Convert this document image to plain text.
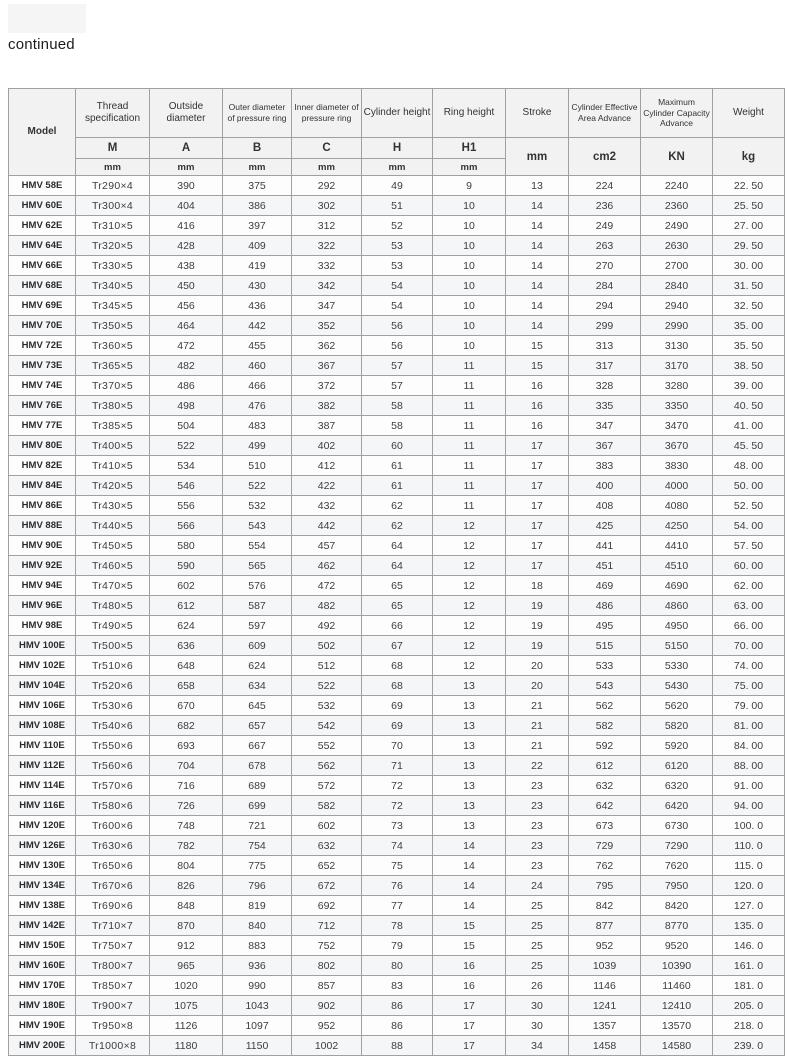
continued
Model	Thread specification	Outside diameter	Outer diameter of pressure ring	Inner diameter of pressure ring	Cylinder height	Ring height	Stroke	Cylinder Effective Area Advance	Maximum Cylinder Capacity Advance	Weight
	M	A	B	C	H	H1	mm	cm2	KN	kg
	mm	mm	mm	mm	mm	mm				
HMV 58E	Tr290×4	390	375	292	49	9	13	224	2240	22. 50
HMV 60E	Tr300×4	404	386	302	51	10	14	236	2360	25. 50
HMV 62E	Tr310×5	416	397	312	52	10	14	249	2490	27. 00
HMV 64E	Tr320×5	428	409	322	53	10	14	263	2630	29. 50
HMV 66E	Tr330×5	438	419	332	53	10	14	270	2700	30. 00
HMV 68E	Tr340×5	450	430	342	54	10	14	284	2840	31. 50
HMV 69E	Tr345×5	456	436	347	54	10	14	294	2940	32. 50
HMV 70E	Tr350×5	464	442	352	56	10	14	299	2990	35. 00
HMV 72E	Tr360×5	472	455	362	56	10	15	313	3130	35. 50
HMV 73E	Tr365×5	482	460	367	57	11	15	317	3170	38. 50
HMV 74E	Tr370×5	486	466	372	57	11	16	328	3280	39. 00
HMV 76E	Tr380×5	498	476	382	58	11	16	335	3350	40. 50
HMV 77E	Tr385×5	504	483	387	58	11	16	347	3470	41. 00
HMV 80E	Tr400×5	522	499	402	60	11	17	367	3670	45. 50
HMV 82E	Tr410×5	534	510	412	61	11	17	383	3830	48. 00
HMV 84E	Tr420×5	546	522	422	61	11	17	400	4000	50. 00
HMV 86E	Tr430×5	556	532	432	62	11	17	408	4080	52. 50
HMV 88E	Tr440×5	566	543	442	62	12	17	425	4250	54. 00
HMV 90E	Tr450×5	580	554	457	64	12	17	441	4410	57. 50
HMV 92E	Tr460×5	590	565	462	64	12	17	451	4510	60. 00
HMV 94E	Tr470×5	602	576	472	65	12	18	469	4690	62. 00
HMV 96E	Tr480×5	612	587	482	65	12	19	486	4860	63. 00
HMV 98E	Tr490×5	624	597	492	66	12	19	495	4950	66. 00
HMV 100E	Tr500×5	636	609	502	67	12	19	515	5150	70. 00
HMV 102E	Tr510×6	648	624	512	68	12	20	533	5330	74. 00
HMV 104E	Tr520×6	658	634	522	68	13	20	543	5430	75. 00
HMV 106E	Tr530×6	670	645	532	69	13	21	562	5620	79. 00
HMV 108E	Tr540×6	682	657	542	69	13	21	582	5820	81. 00
HMV 110E	Tr550×6	693	667	552	70	13	21	592	5920	84. 00
HMV 112E	Tr560×6	704	678	562	71	13	22	612	6120	88. 00
HMV 114E	Tr570×6	716	689	572	72	13	23	632	6320	91. 00
HMV 116E	Tr580×6	726	699	582	72	13	23	642	6420	94. 00
HMV 120E	Tr600×6	748	721	602	73	13	23	673	6730	100. 0
HMV 126E	Tr630×6	782	754	632	74	14	23	729	7290	110. 0
HMV 130E	Tr650×6	804	775	652	75	14	23	762	7620	115. 0
HMV 134E	Tr670×6	826	796	672	76	14	24	795	7950	120. 0
HMV 138E	Tr690×6	848	819	692	77	14	25	842	8420	127. 0
HMV 142E	Tr710×7	870	840	712	78	15	25	877	8770	135. 0
HMV 150E	Tr750×7	912	883	752	79	15	25	952	9520	146. 0
HMV 160E	Tr800×7	965	936	802	80	16	25	1039	10390	161. 0
HMV 170E	Tr850×7	1020	990	857	83	16	26	1146	11460	181. 0
HMV 180E	Tr900×7	1075	1043	902	86	17	30	1241	12410	205. 0
HMV 190E	Tr950×8	1126	1097	952	86	17	30	1357	13570	218. 0
HMV 200E	Tr1000×8	1180	1150	1002	88	17	34	1458	14580	239. 0
